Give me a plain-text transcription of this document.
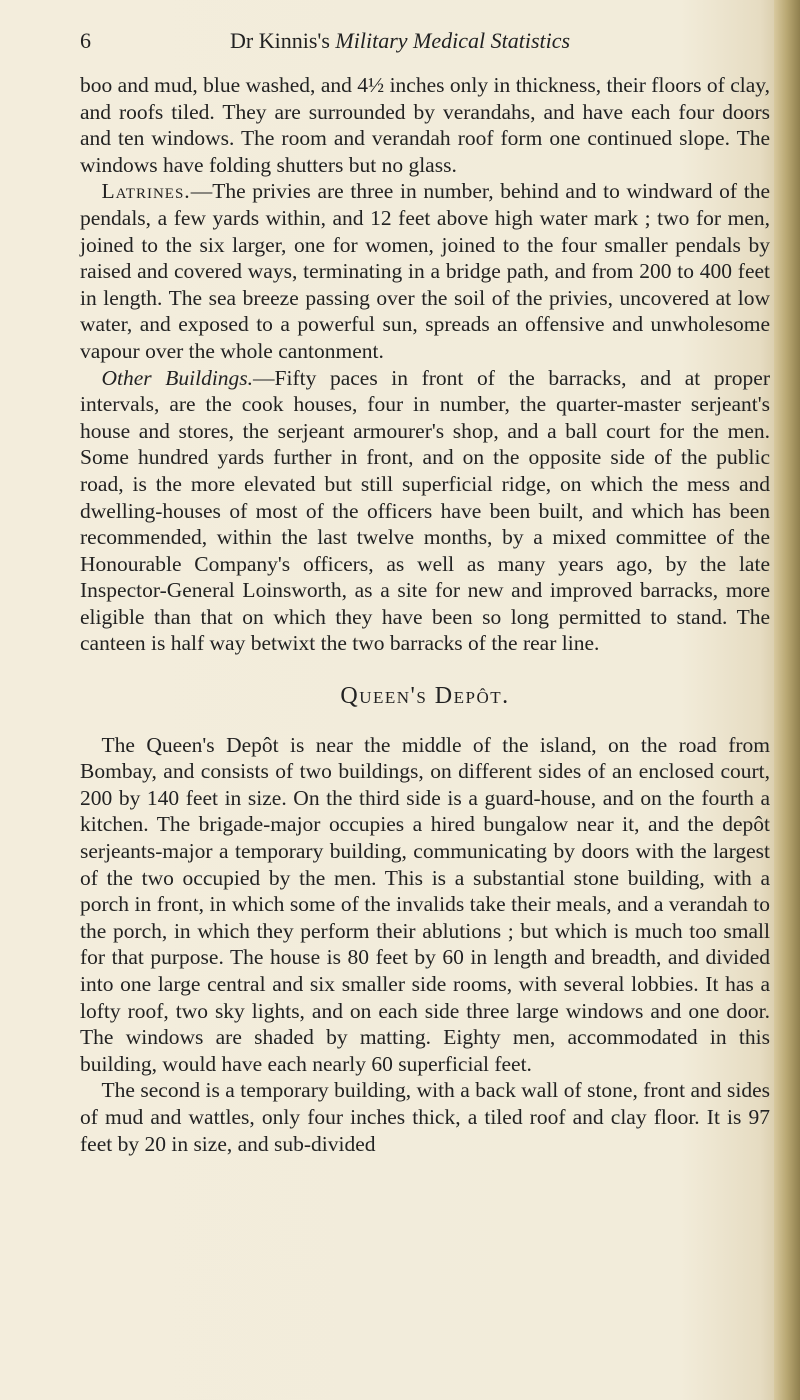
6	Dr Kinnis's Military Medical Statistics

boo and mud, blue washed, and 4½ inches only in thickness, their floors of clay, and roofs tiled. They are surrounded by verandahs, and have each four doors and ten windows. The room and verandah roof form one continued slope. The windows have folding shutters but no glass.

 Latrines.—The privies are three in number, behind and to windward of the pendals, a few yards within, and 12 feet above high water mark ; two for men, joined to the six larger, one for women, joined to the four smaller pendals by raised and covered ways, terminating in a bridge path, and from 200 to 400 feet in length. The sea breeze passing over the soil of the privies, uncovered at low water, and exposed to a powerful sun, spreads an offensive and unwholesome vapour over the whole cantonment.

 Other Buildings.—Fifty paces in front of the barracks, and at proper intervals, are the cook houses, four in number, the quarter-master serjeant's house and stores, the serjeant armourer's shop, and a ball court for the men. Some hundred yards further in front, and on the opposite side of the public road, is the more elevated but still superficial ridge, on which the mess and dwelling-houses of most of the officers have been built, and which has been recommended, within the last twelve months, by a mixed committee of the Honourable Company's officers, as well as many years ago, by the late Inspector-General Loinsworth, as a site for new and improved barracks, more eligible than that on which they have been so long permitted to stand. The canteen is half way betwixt the two barracks of the rear line.

Queen's Depôt.

 The Queen's Depôt is near the middle of the island, on the road from Bombay, and consists of two buildings, on different sides of an enclosed court, 200 by 140 feet in size. On the third side is a guard-house, and on the fourth a kitchen. The brigade-major occupies a hired bungalow near it, and the depôt serjeants-major a temporary building, communicating by doors with the largest of the two occupied by the men. This is a substantial stone building, with a porch in front, in which some of the invalids take their meals, and a verandah to the porch, in which they perform their ablutions ; but which is much too small for that purpose. The house is 80 feet by 60 in length and breadth, and divided into one large central and six smaller side rooms, with several lobbies. It has a lofty roof, two sky lights, and on each side three large windows and one door. The windows are shaded by matting. Eighty men, accommodated in this building, would have each nearly 60 superficial feet.

 The second is a temporary building, with a back wall of stone, front and sides of mud and wattles, only four inches thick, a tiled roof and clay floor. It is 97 feet by 20 in size, and sub-divided
